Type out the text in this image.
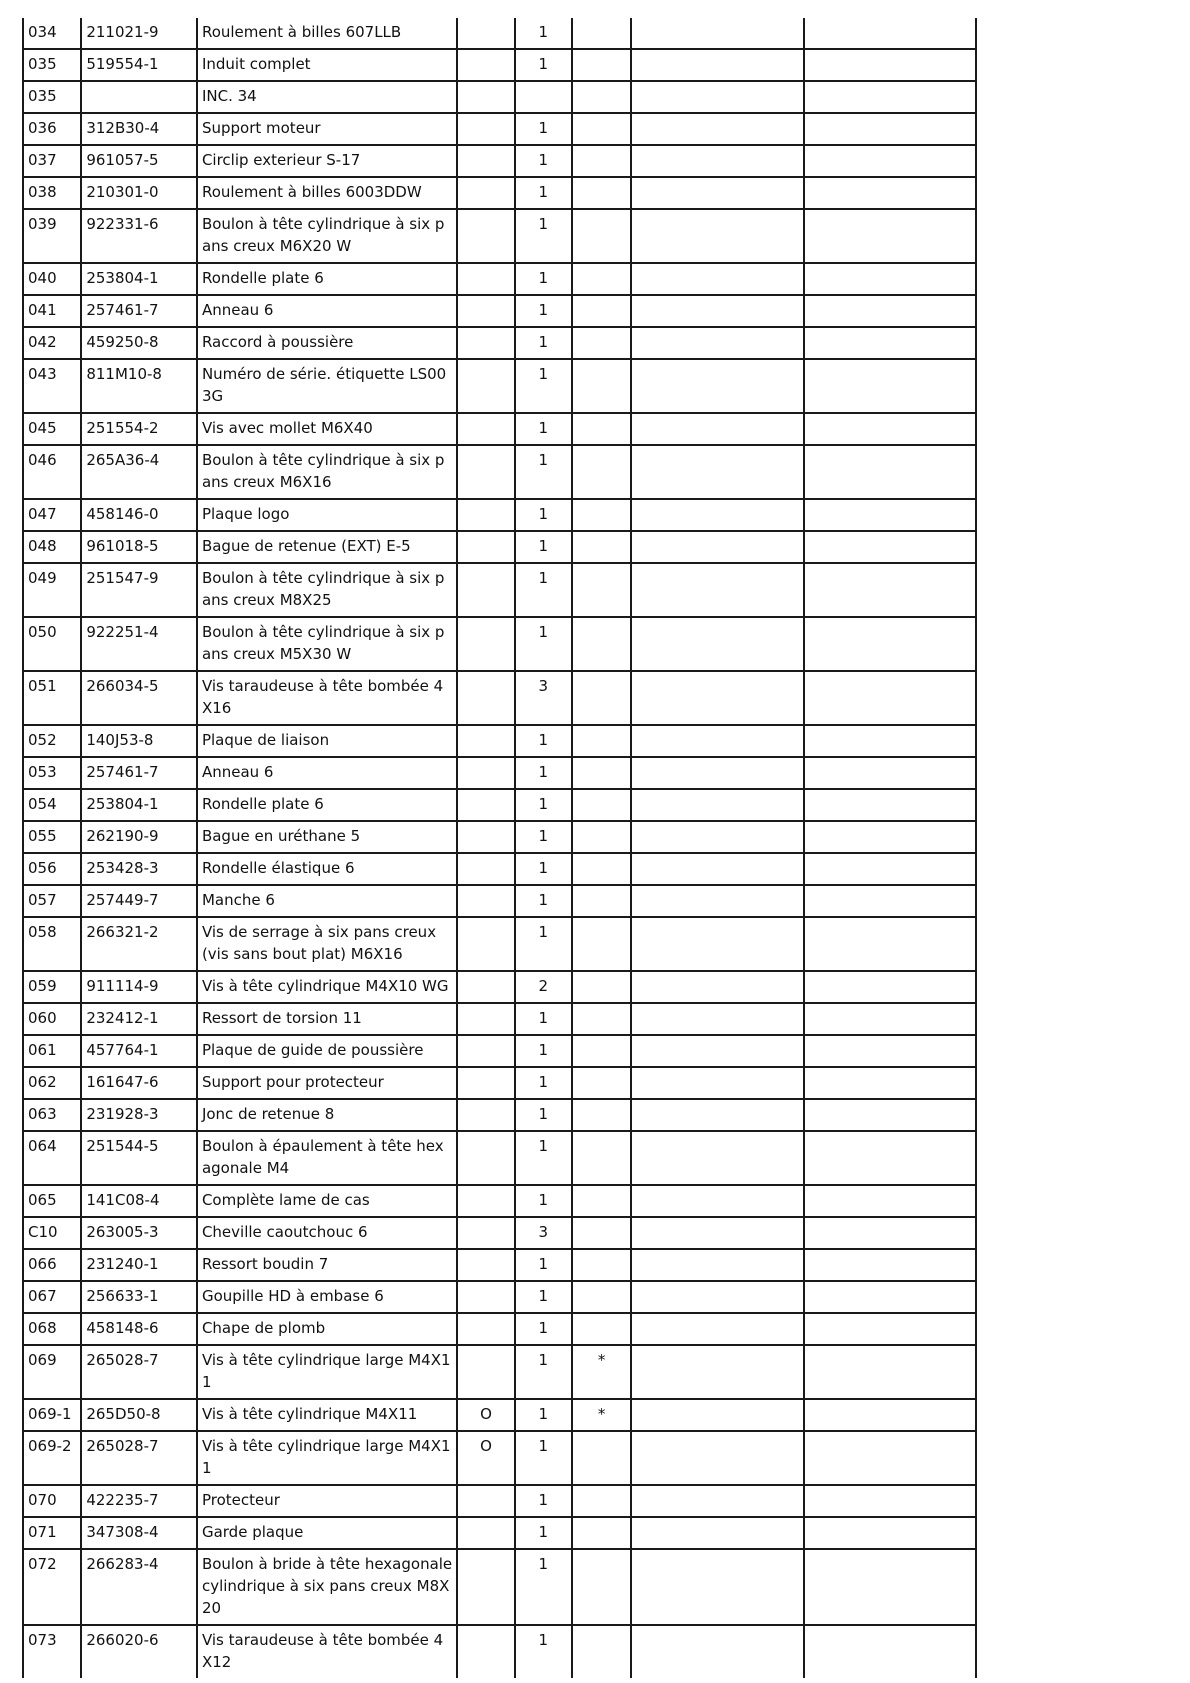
034	211021-9	Roulement à billes 607LLB		1			
035	519554-1	Induit complet		1			
035		INC. 34					
036	312B30-4	Support moteur		1			
037	961057-5	Circlip exterieur S-17		1			
038	210301-0	Roulement à billes 6003DDW		1			
039	922331-6	Boulon à tête cylindrique à six pans creux M6X20 W		1			
040	253804-1	Rondelle plate 6		1			
041	257461-7	Anneau 6		1			
042	459250-8	Raccord à poussière		1			
043	811M10-8	Numéro de série. étiquette LS003G		1			
045	251554-2	Vis avec mollet M6X40		1			
046	265A36-4	Boulon à tête cylindrique à six pans creux M6X16		1			
047	458146-0	Plaque logo		1			
048	961018-5	Bague de retenue (EXT) E-5		1			
049	251547-9	Boulon à tête cylindrique à six pans creux M8X25		1			
050	922251-4	Boulon à tête cylindrique à six pans creux M5X30 W		1			
051	266034-5	Vis taraudeuse à tête bombée 4X16		3			
052	140J53-8	Plaque de liaison		1			
053	257461-7	Anneau 6		1			
054	253804-1	Rondelle plate 6		1			
055	262190-9	Bague en uréthane 5		1			
056	253428-3	Rondelle élastique 6		1			
057	257449-7	Manche 6		1			
058	266321-2	Vis de serrage à six pans creux (vis sans bout plat) M6X16		1			
059	911114-9	Vis à tête cylindrique M4X10 WG		2			
060	232412-1	Ressort de torsion 11		1			
061	457764-1	Plaque de guide de poussière		1			
062	161647-6	Support pour protecteur		1			
063	231928-3	Jonc de retenue 8		1			
064	251544-5	Boulon à épaulement à tête hexagonale M4		1			
065	141C08-4	Complète lame de cas		1			
C10	263005-3	Cheville caoutchouc 6		3			
066	231240-1	Ressort boudin 7		1			
067	256633-1	Goupille HD à embase 6		1			
068	458148-6	Chape de plomb		1			
069	265028-7	Vis à tête cylindrique large M4X11		1	*		
069-1	265D50-8	Vis à tête cylindrique M4X11	O	1	*		
069-2	265028-7	Vis à tête cylindrique large M4X11	O	1			
070	422235-7	Protecteur		1			
071	347308-4	Garde plaque		1			
072	266283-4	Boulon à bride à tête hexagonale cylindrique à six pans creux M8X20		1			
073	266020-6	Vis taraudeuse à tête bombée 4X12		1			
